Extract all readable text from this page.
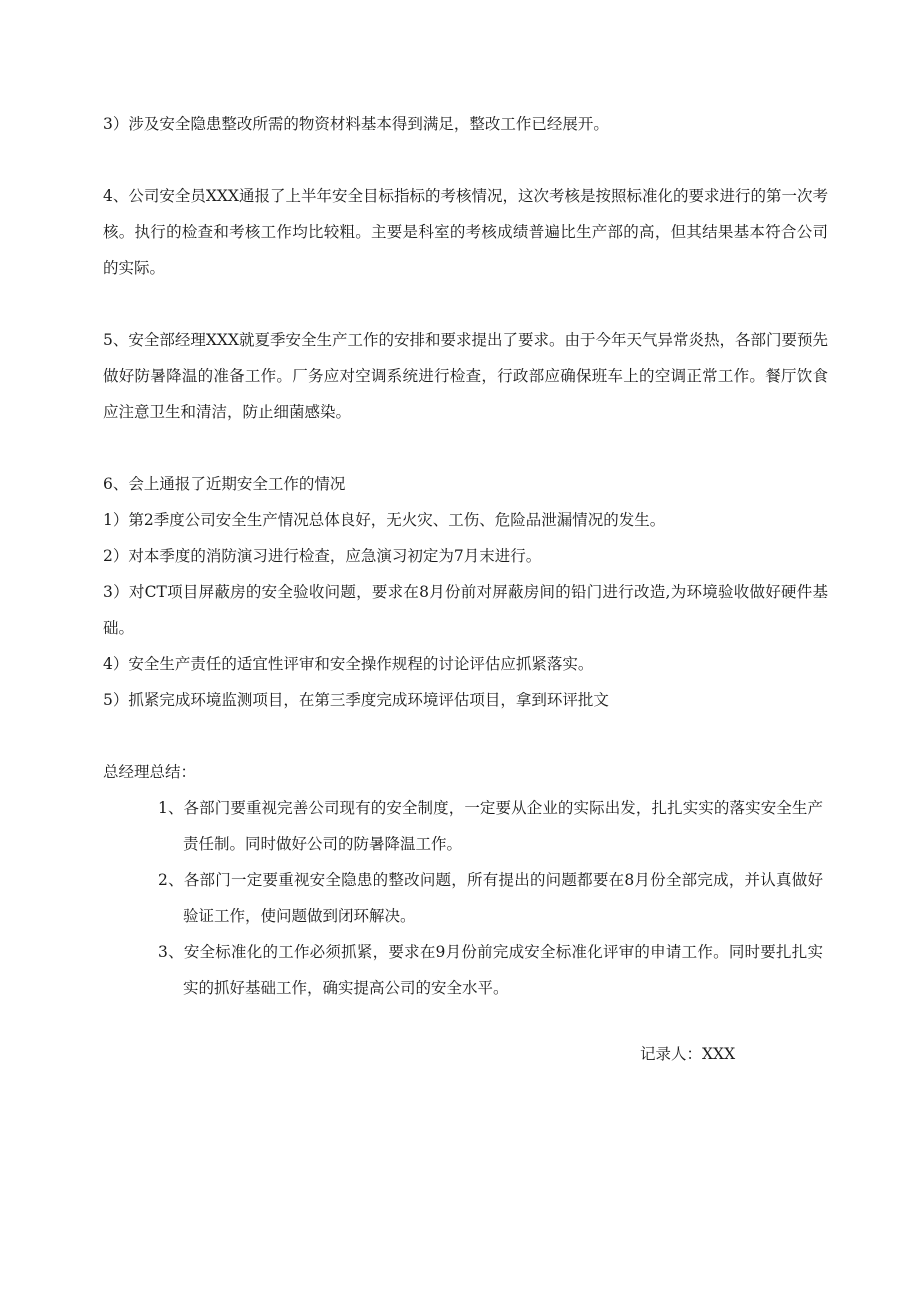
3）涉及安全隐患整改所需的物资材料基本得到满足，整改工作已经展开。

4、公司安全员XXX通报了上半年安全目标指标的考核情况，这次考核是按照标准化的要求进行的第一次考核。执行的检查和考核工作均比较粗。主要是科室的考核成绩普遍比生产部的高，但其结果基本符合公司的实际。

5、安全部经理XXX就夏季安全生产工作的安排和要求提出了要求。由于今年天气异常炎热，各部门要预先做好防暑降温的准备工作。厂务应对空调系统进行检查，行政部应确保班车上的空调正常工作。餐厅饮食应注意卫生和清洁，防止细菌感染。

6、会上通报了近期安全工作的情况

1）第2季度公司安全生产情况总体良好，无火灾、工伤、危险品泄漏情况的发生。

2）对本季度的消防演习进行检查，应急演习初定为7月末进行。

3）对CT项目屏蔽房的安全验收问题，要求在8月份前对屏蔽房间的铅门进行改造,为环境验收做好硬件基础。

4）安全生产责任的适宜性评审和安全操作规程的讨论评估应抓紧落实。

5）抓紧完成环境监测项目，在第三季度完成环境评估项目，拿到环评批文

总经理总结：

1、各部门要重视完善公司现有的安全制度，一定要从企业的实际出发，扎扎实实的落实安全生产责任制。同时做好公司的防暑降温工作。

2、各部门一定要重视安全隐患的整改问题，所有提出的问题都要在8月份全部完成，并认真做好验证工作，使问题做到闭环解决。

3、安全标准化的工作必须抓紧，要求在9月份前完成安全标准化评审的申请工作。同时要扎扎实实的抓好基础工作，确实提高公司的安全水平。

记录人：XXX
